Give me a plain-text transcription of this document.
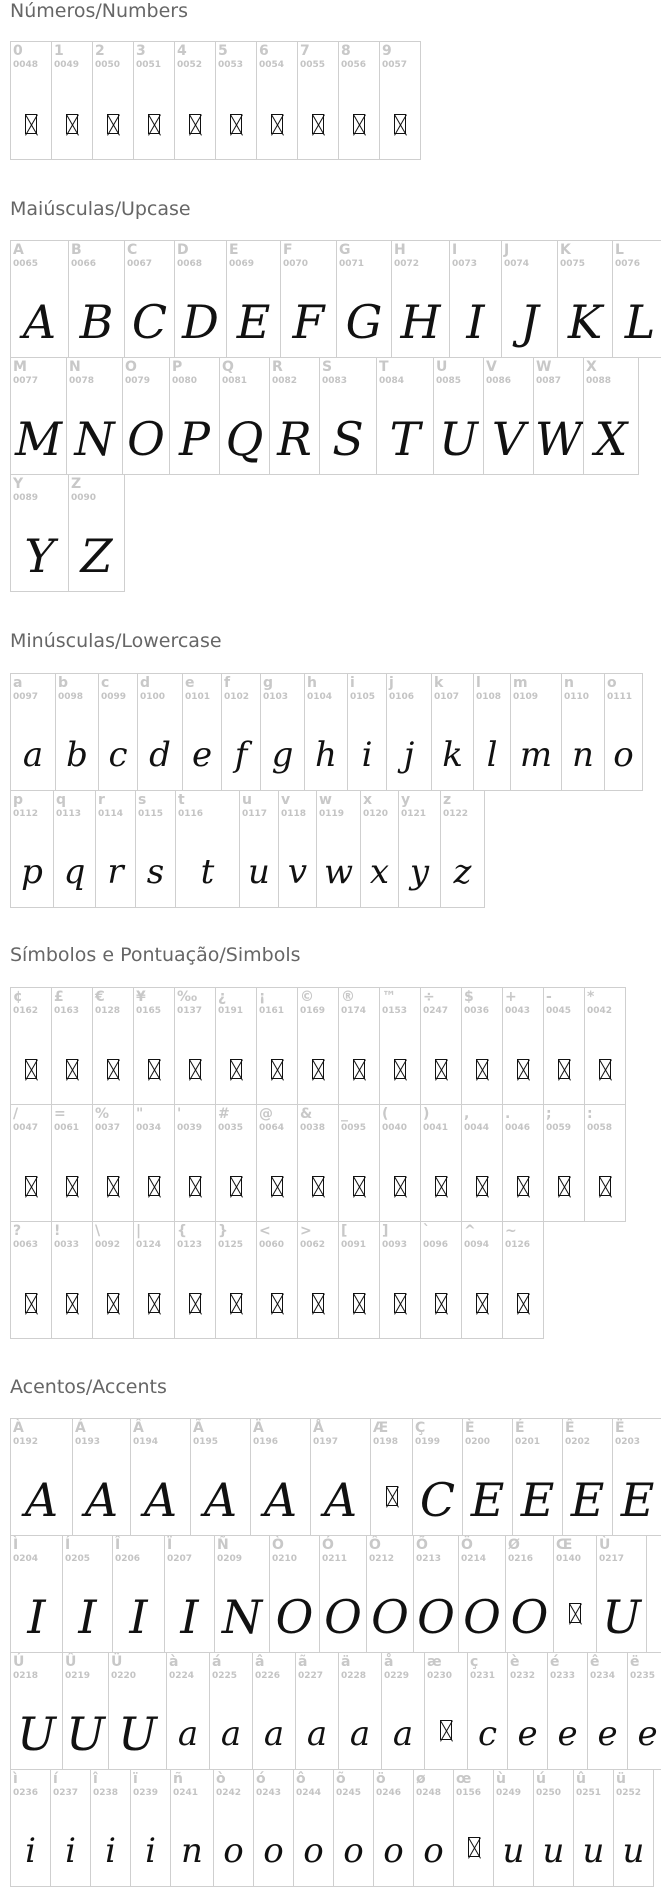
Números/Numbers
0
0048
1
0049
2
0050
3
0051
4
0052
5
0053
6
0054
7
0055
8
0056
9
0057
Maiúsculas/Upcase
A
0065
A
B
0066
B
C
0067
C
D
0068
D
E
0069
E
F
0070
F
G
0071
G
H
0072
H
I
0073
I
J
0074
J
K
0075
K
L
0076
L
M
0077
M
N
0078
N
O
0079
O
P
0080
P
Q
0081
Q
R
0082
R
S
0083
S
T
0084
T
U
0085
U
V
0086
V
W
0087
W
X
0088
X
Y
0089
Y
Z
0090
Z
Minúsculas/Lowercase
a
0097
a
b
0098
b
c
0099
c
d
0100
d
e
0101
e
f
0102
f
g
0103
g
h
0104
h
i
0105
i
j
0106
j
k
0107
k
l
0108
l
m
0109
m
n
0110
n
o
0111
o
p
0112
p
q
0113
q
r
0114
r
s
0115
s
t
0116
t
u
0117
u
v
0118
v
w
0119
w
x
0120
x
y
0121
y
z
0122
z
Símbolos e Pontuação/Simbols
¢
0162
£
0163
€
0128
¥
0165
‰
0137
¿
0191
¡
0161
©
0169
®
0174
™
0153
÷
0247
$
0036
+
0043
-
0045
*
0042
/
0047
=
0061
%
0037
"
0034
'
0039
#
0035
@
0064
&
0038
_
0095
(
0040
)
0041
,
0044
.
0046
;
0059
:
0058
?
0063
!
0033
\
0092
|
0124
{
0123
}
0125
<
0060
>
0062
[
0091
]
0093
`
0096
^
0094
~
0126
Acentos/Accents
À
0192
A
Á
0193
A
Â
0194
A
Ã
0195
A
Ä
0196
A
Å
0197
A
Æ
0198
Ç
0199
C
È
0200
E
É
0201
E
Ê
0202
E
Ë
0203
E
Ì
0204
I
Í
0205
I
Î
0206
I
Ï
0207
I
Ñ
0209
N
Ò
0210
O
Ó
0211
O
Ô
0212
O
Õ
0213
O
Ö
0214
O
Ø
0216
O
Œ
0140
Ù
0217
U
Ú
0218
U
Û
0219
U
Ü
0220
U
à
0224
a
á
0225
a
â
0226
a
ã
0227
a
ä
0228
a
å
0229
a
æ
0230
ç
0231
c
è
0232
e
é
0233
e
ê
0234
e
ë
0235
e
ì
0236
i
í
0237
i
î
0238
i
ï
0239
i
ñ
0241
n
ò
0242
o
ó
0243
o
ô
0244
o
õ
0245
o
ö
0246
o
ø
0248
o
œ
0156
ù
0249
u
ú
0250
u
û
0251
u
ü
0252
u
